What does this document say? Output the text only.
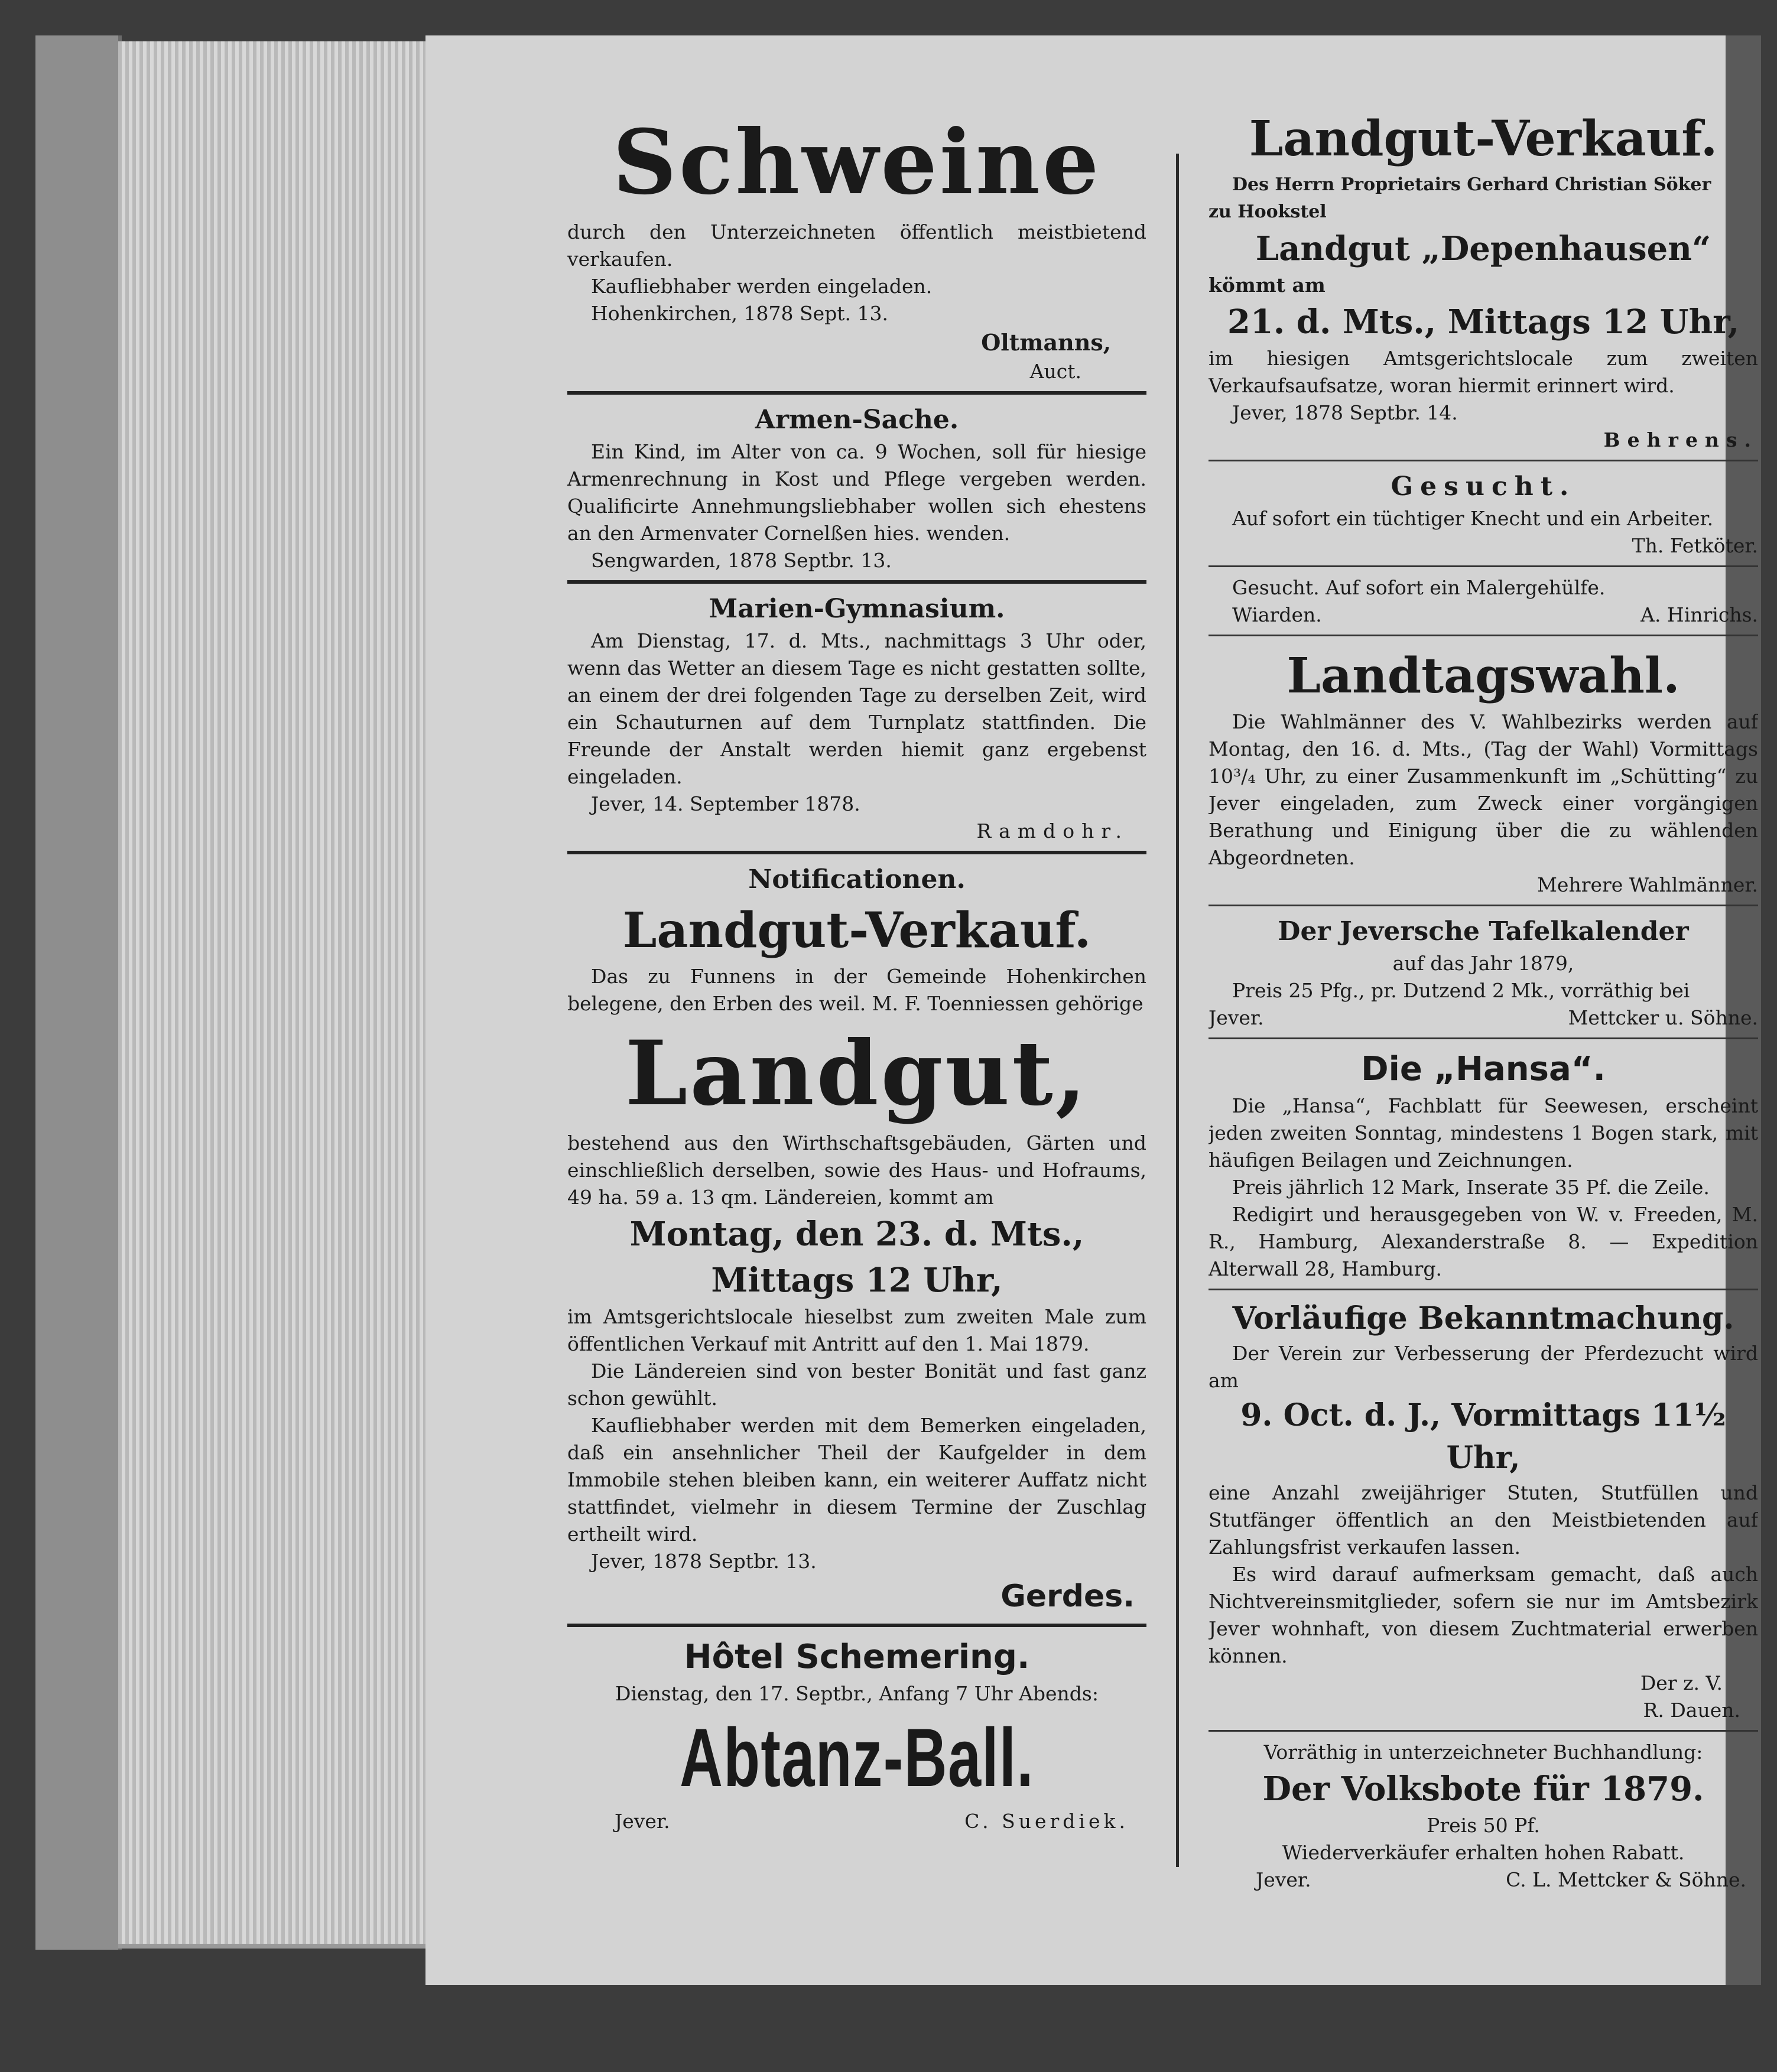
Schweine

durch den Unterzeichneten öffentlich meistbietend verkaufen.

Kaufliebhaber werden eingeladen.

Hohenkirchen, 1878 Sept. 13.

Oltmanns,

Auct.

Armen-Sache.

Ein Kind, im Alter von ca. 9 Wochen, soll für hiesige Armenrechnung in Kost und Pflege vergeben werden. Qualificirte Annehmungsliebhaber wollen sich ehestens an den Armenvater Cornelßen hies. wenden.

Sengwarden, 1878 Septbr. 13.

Marien-Gymnasium.

Am Dienstag, 17. d. Mts., nachmittags 3 Uhr oder, wenn das Wetter an diesem Tage es nicht gestatten sollte, an einem der drei folgenden Tage zu derselben Zeit, wird ein Schauturnen auf dem Turnplatz stattfinden. Die Freunde der Anstalt werden hiemit ganz ergebenst eingeladen.

Jever, 14. September 1878.

Ramdohr.

Notificationen.

Landgut-Verkauf.

Das zu Funnens in der Gemeinde Hohenkirchen belegene, den Erben des weil. M. F. Toenniessen gehörige

Landgut,

bestehend aus den Wirthschaftsgebäuden, Gärten und einschließlich derselben, sowie des Haus- und Hofraums, 49 ha. 59 a. 13 qm. Ländereien, kommt am

Montag, den 23. d. Mts.,

Mittags 12 Uhr,

im Amtsgerichtslocale hieselbst zum zweiten Male zum öffentlichen Verkauf mit Antritt auf den 1. Mai 1879.

Die Ländereien sind von bester Bonität und fast ganz schon gewühlt.

Kaufliebhaber werden mit dem Bemerken eingeladen, daß ein ansehnlicher Theil der Kaufgelder in dem Immobile stehen bleiben kann, ein weiterer Auffatz nicht stattfindet, vielmehr in diesem Termine der Zuschlag ertheilt wird.

Jever, 1878 Septbr. 13.

Gerdes.

Hôtel Schemering.

Dienstag, den 17. Septbr., Anfang 7 Uhr Abends:

Abtanz-Ball.

Jever.	C. Suerdiek.

Landgut-Verkauf.

Des Herrn Proprietairs Gerhard Christian Söker

zu Hookstel

Landgut „Depenhausen“

kömmt am

21. d. Mts., Mittags 12 Uhr,

im hiesigen Amtsgerichtslocale zum zweiten Verkaufsaufsatze, woran hiermit erinnert wird.

Jever, 1878 Septbr. 14.

Behrens.

Gesucht.

Auf sofort ein tüchtiger Knecht und ein Arbeiter.

Th. Fetköter.

Gesucht. Auf sofort ein Malergehülfe.

Wiarden.	A. Hinrichs.

Landtagswahl.

Die Wahlmänner des V. Wahlbezirks werden auf Montag, den 16. d. Mts., (Tag der Wahl) Vormittags 10³/₄ Uhr, zu einer Zusammenkunft im „Schütting“ zu Jever eingeladen, zum Zweck einer vorgängigen Berathung und Einigung über die zu wählenden Abgeordneten.

Mehrere Wahlmänner.

Der Jeversche Tafelkalender

auf das Jahr 1879,

Preis 25 Pfg., pr. Dutzend 2 Mk., vorräthig bei

Jever.	Mettcker u. Söhne.

Die „Hansa“.

Die „Hansa“, Fachblatt für Seewesen, erscheint jeden zweiten Sonntag, mindestens 1 Bogen stark, mit häufigen Beilagen und Zeichnungen.

Preis jährlich 12 Mark, Inserate 35 Pf. die Zeile.

Redigirt und herausgegeben von W. v. Freeden, M. R., Hamburg, Alexanderstraße 8. — Expedition Alterwall 28, Hamburg.

Vorläufige Bekanntmachung.

Der Verein zur Verbesserung der Pferdezucht wird am

9. Oct. d. J., Vormittags 11½ Uhr,

eine Anzahl zweijähriger Stuten, Stutfüllen und Stutfänger öffentlich an den Meistbietenden auf Zahlungsfrist verkaufen lassen.

Es wird darauf aufmerksam gemacht, daß auch Nichtvereinsmitglieder, sofern sie nur im Amtsbezirk Jever wohnhaft, von diesem Zuchtmaterial erwerben können.

Der z. V.

R. Dauen.

Vorräthig in unterzeichneter Buchhandlung:

Der Volksbote für 1879.

Preis 50 Pf.

Wiederverkäufer erhalten hohen Rabatt.

Jever.	C. L. Mettcker & Söhne.
